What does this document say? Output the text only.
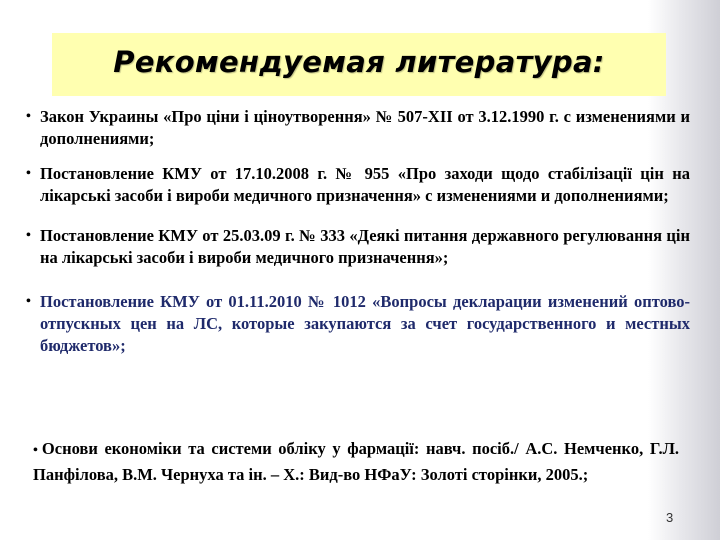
Рекомендуемая литература:
• Закон Украины «Про ціни і ціноутворення» № 507-XII от 3.12.1990 г. с изменениями и дополнениями;
• Постановление КМУ от 17.10.2008 г. № 955 «Про заходи щодо стабілізації цін на лікарські засоби і вироби медичного призначення» с изменениями и дополнениями;
• Постановление КМУ от 25.03.09 г. № 333 «Деякі питання державного регулювання цін на лікарські засоби і вироби медичного призначення»;
• Постановление КМУ от 01.11.2010 № 1012 «Вопросы декларации изменений оптово-отпускных цен на ЛС, которые закупаются за счет государственного и местных бюджетов»;
• Основи економіки та системи обліку у фармації: навч. посіб./ А.С. Немченко, Г.Л. Панфілова, В.М. Чернуха та ін. – Х.: Вид-во НФаУ: Золоті сторінки, 2005.;
3
